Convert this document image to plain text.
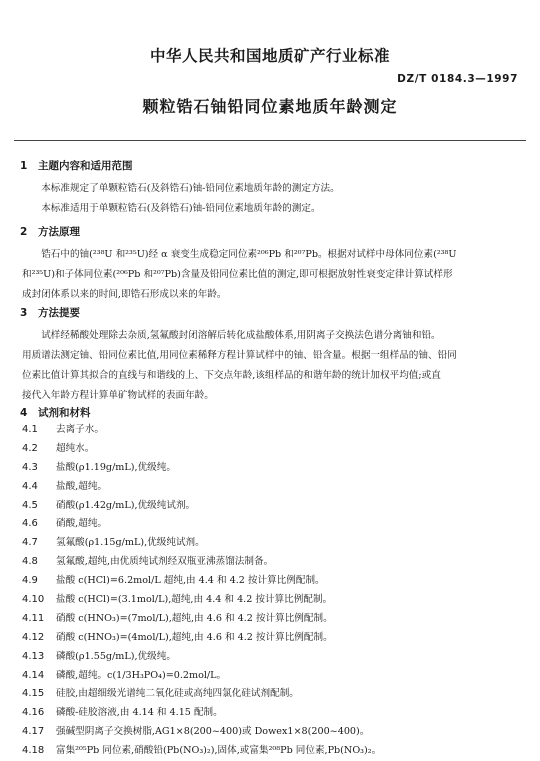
中华人民共和国地质矿产行业标准
DZ/T 0184.3—1997
颗粒锆石铀铅同位素地质年龄测定
1 主题内容和适用范围
本标准规定了单颗粒锆石(及斜锆石)铀-铅同位素地质年龄的测定方法。
本标准适用于单颗粒锆石(及斜锆石)铀-铅同位素地质年龄的测定。
2 方法原理
锆石中的铀(²³⁸U 和²³⁵U)经 α 衰变生成稳定同位素²⁰⁶Pb 和²⁰⁷Pb。根据对试样中母体同位素(²³⁸U
和²³⁵U)和子体同位素(²⁰⁶Pb 和²⁰⁷Pb)含量及铅同位素比值的测定,即可根据放射性衰变定律计算试样形
成封闭体系以来的时间,即锆石形成以来的年龄。
3 方法提要
试样经稀酸处理除去杂质,氢氟酸封闭溶解后转化成盐酸体系,用阴离子交换法色谱分离铀和铅。
用质谱法测定铀、铅同位素比值,用同位素稀释方程计算试样中的铀、铅含量。根据一组样品的铀、铅同
位素比值计算其拟合的直线与和谐线的上、下交点年龄,该组样品的和谐年龄的统计加权平均值;或直
接代入年龄方程计算单矿物试样的表面年龄。
4 试剂和材料
4.1 去离子水。
4.2 超纯水。
4.3 盐酸(ρ1.19g/mL),优级纯。
4.4 盐酸,超纯。
4.5 硝酸(ρ1.42g/mL),优级纯试剂。
4.6 硝酸,超纯。
4.7 氢氟酸(ρ1.15g/mL),优级纯试剂。
4.8 氢氟酸,超纯,由优质纯试剂经双瓶亚沸蒸馏法制备。
4.9 盐酸 c(HCl)=6.2mol/L 超纯,由 4.4 和 4.2 按计算比例配制。
4.10 盐酸 c(HCl)=(3.1mol/L),超纯,由 4.4 和 4.2 按计算比例配制。
4.11 硝酸 c(HNO₃)=(7mol/L),超纯,由 4.6 和 4.2 按计算比例配制。
4.12 硝酸 c(HNO₃)=(4mol/L),超纯,由 4.6 和 4.2 按计算比例配制。
4.13 磷酸(ρ1.55g/mL),优级纯。
4.14 磷酸,超纯。c(1/3H₃PO₄)=0.2mol/L。
4.15 硅胶,由超细级光谱纯二氧化硅或高纯四氯化硅试剂配制。
4.16 磷酸-硅胶溶液,由 4.14 和 4.15 配制。
4.17 强碱型阴离子交换树脂,AG1×8(200~400)或 Dowex1×8(200~400)。
4.18 富集²⁰⁵Pb 同位素,硝酸铅(Pb(NO₃)₂),固体,或富集²⁰⁸Pb 同位素,Pb(NO₃)₂。
